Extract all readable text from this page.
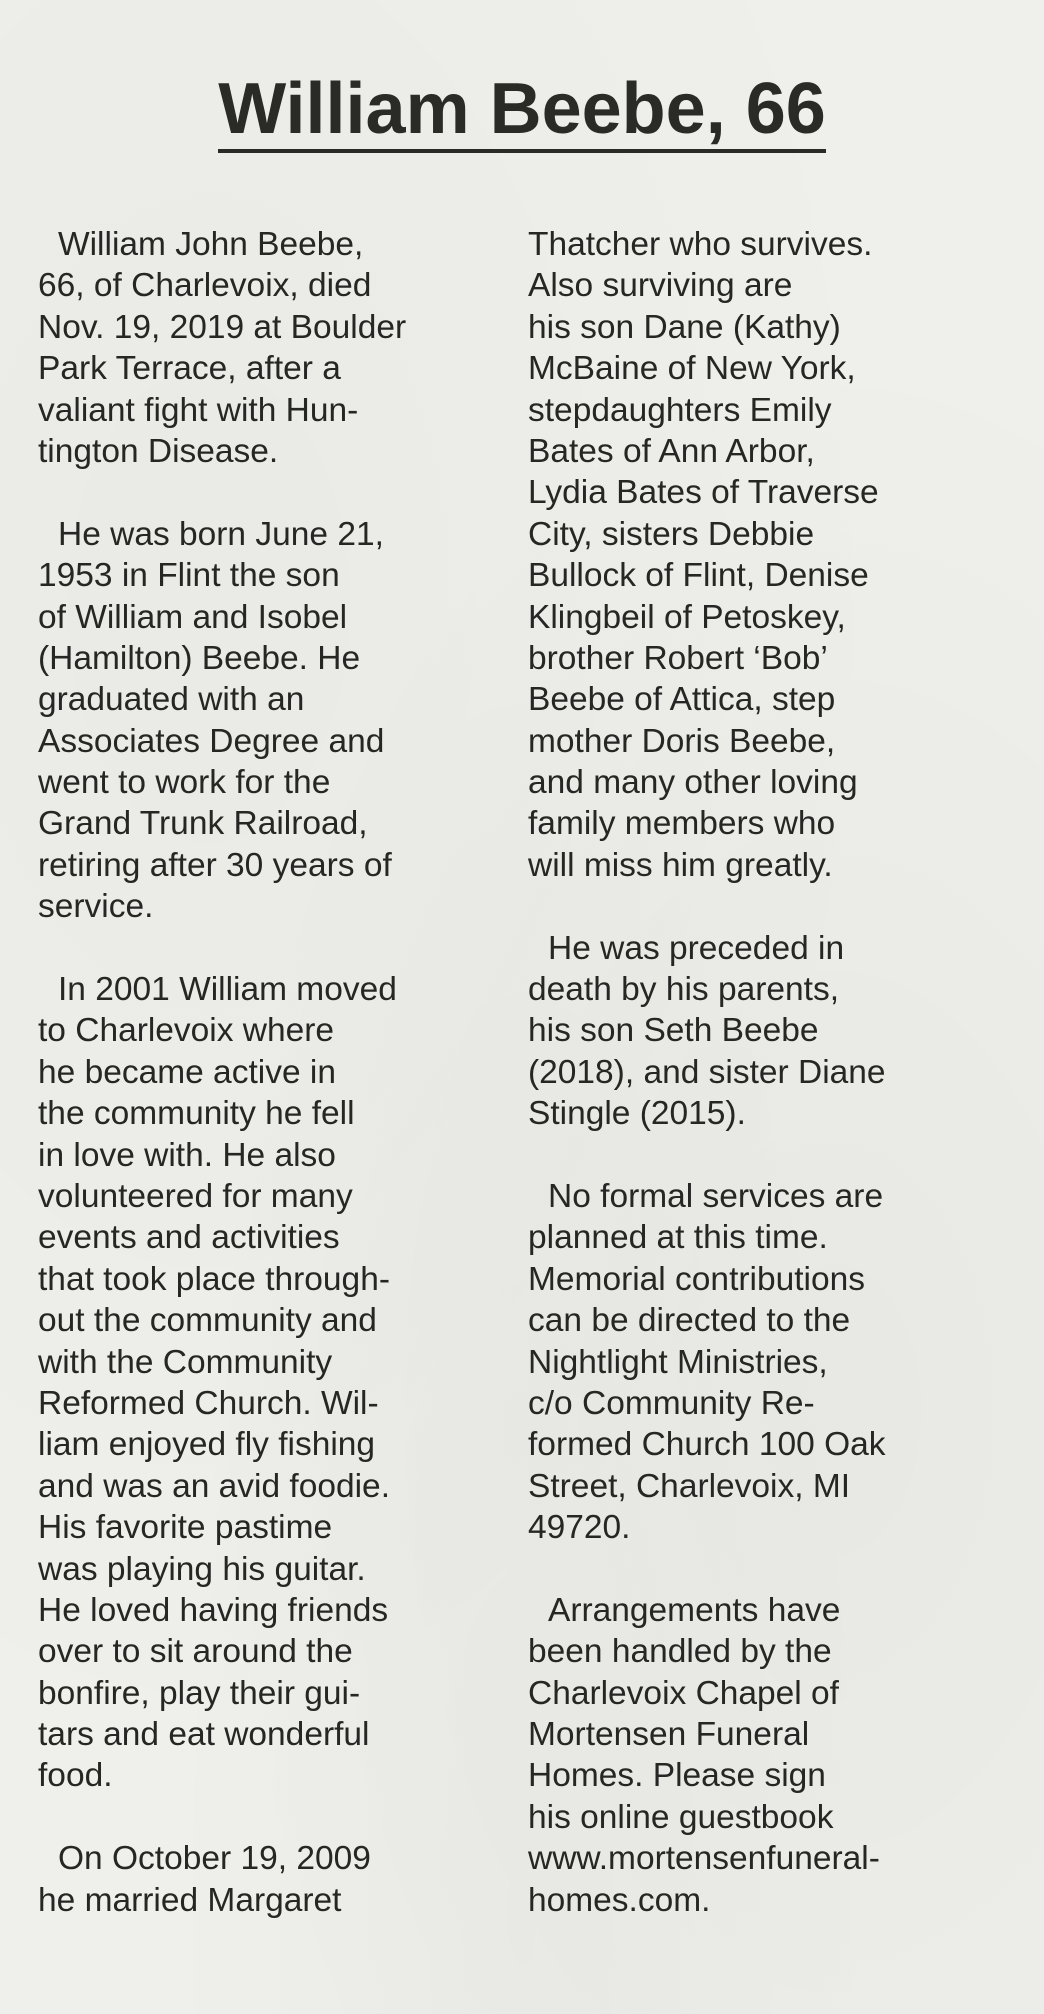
William Beebe, 66
William John Beebe,
66, of Charlevoix, died
Nov. 19, 2019 at Boulder
Park Terrace, after a
valiant fight with Hun-
tington Disease.
He was born June 21,
1953 in Flint the son
of William and Isobel
(Hamilton) Beebe. He
graduated with an
Associates Degree and
went to work for the
Grand Trunk Railroad,
retiring after 30 years of
service.
In 2001 William moved
to Charlevoix where
he became active in
the community he fell
in love with. He also
volunteered for many
events and activities
that took place through-
out the community and
with the Community
Reformed Church. Wil-
liam enjoyed fly fishing
and was an avid foodie.
His favorite pastime
was playing his guitar.
He loved having friends
over to sit around the
bonfire, play their gui-
tars and eat wonderful
food.
On October 19, 2009
he married Margaret
Thatcher who survives.
Also surviving are
his son Dane (Kathy)
McBaine of New York,
stepdaughters Emily
Bates of Ann Arbor,
Lydia Bates of Traverse
City, sisters Debbie
Bullock of Flint, Denise
Klingbeil of Petoskey,
brother Robert ‘Bob’
Beebe of Attica, step
mother Doris Beebe,
and many other loving
family members who
will miss him greatly.
He was preceded in
death by his parents,
his son Seth Beebe
(2018), and sister Diane
Stingle (2015).
No formal services are
planned at this time.
Memorial contributions
can be directed to the
Nightlight Ministries,
c/o Community Re-
formed Church 100 Oak
Street, Charlevoix, MI
49720.
Arrangements have
been handled by the
Charlevoix Chapel of
Mortensen Funeral
Homes. Please sign
his online guestbook
www.mortensenfuneral-
homes.com.
